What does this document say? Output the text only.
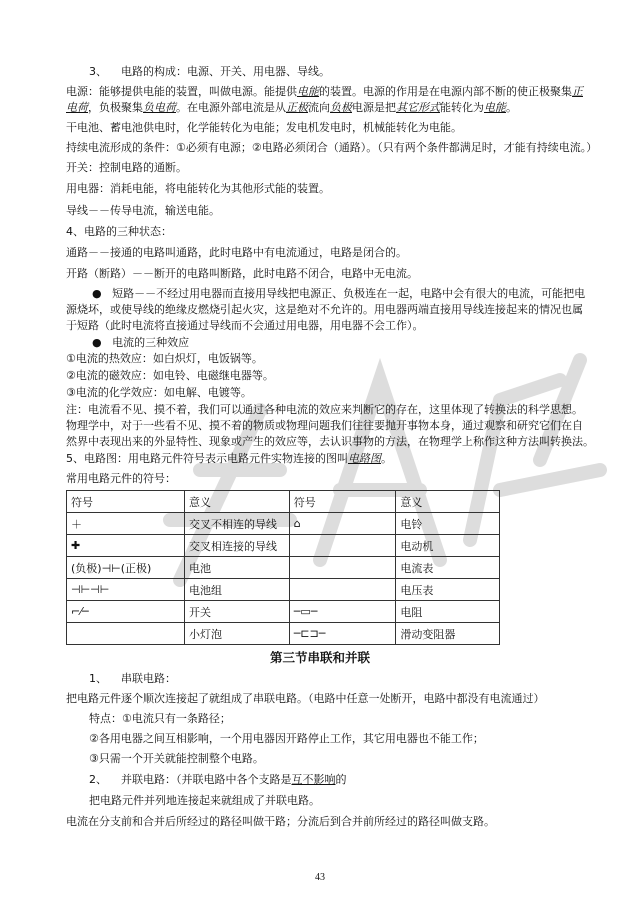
3、    电路的构成：电源、开关、用电器、导线。
电源：能够提供电能的装置，叫做电源。能提供电能的装置。电源的作用是在电源内部不断的使正极聚集正
电荷，负极聚集负电荷。在电源外部电流是从正极流向负极电源是把其它形式能转化为电能。
干电池、蓄电池供电时，化学能转化为电能；发电机发电时，机械能转化为电能。
持续电流形成的条件：①必须有电源；②电路必须闭合（通路）。（只有两个条件都满足时，才能有持续电流。）
开关：控制电路的通断。
用电器：消耗电能，将电能转化为其他形式能的装置。
导线－－传导电流，输送电能。
4、电路的三种状态：
通路－－接通的电路叫通路，此时电路中有电流通过，电路是闭合的。
开路（断路）－－断开的电路叫断路，此时电路不闭合，电路中无电流。
●   短路－－不经过用电器而直接用导线把电源正、负极连在一起，电路中会有很大的电流，可能把电
源烧坏，或使导线的绝缘皮燃烧引起火灾，这是绝对不允许的。用电器两端直接用导线连接起来的情况也属
于短路（此时电流将直接通过导线而不会通过用电器，用电器不会工作）。
●   电流的三种效应
①电流的热效应：如白炽灯，电饭锅等。
②电流的磁效应：如电铃、电磁继电器等。
③电流的化学效应：如电解、电镀等。
注：电流看不见、摸不着，我们可以通过各种电流的效应来判断它的存在，这里体现了转换法的科学思想。
物理学中，对于一些看不见、摸不着的物质或物理问题我们往往要抛开事物本身，通过观察和研究它们在自
然界中表现出来的外显特性、现象或产生的效应等，去认识事物的方法，在物理学上称作这种方法叫转换法。
5、电路图：用电路元件符号表示电路元件实物连接的图叫电路图。
常用电路元件的符号：
符号	意义	符号	意义
＋	交叉不相连的导线	⌂	电铃
✚	交叉相连接的导线		电动机
(负极)⊣⊢(正极)	电池		电流表
⊣⊢⊣⊢	电池组		电压表
⌐⁄─	开关	─▭─	电阻
	小灯泡	─⊏⊐─	滑动变阻器
第三节串联和并联
1、    串联电路：
把电路元件逐个顺次连接起了就组成了串联电路。（电路中任意一处断开，电路中都没有电流通过）
特点：①电流只有一条路径；
②各用电器之间互相影响，一个用电器因开路停止工作，其它用电器也不能工作；
③只需一个开关就能控制整个电路。
2、    并联电路：（并联电路中各个支路是互不影响的
把电路元件并列地连接起来就组成了并联电路。
电流在分支前和合并后所经过的路径叫做干路；分流后到合并前所经过的路径叫做支路。
43
